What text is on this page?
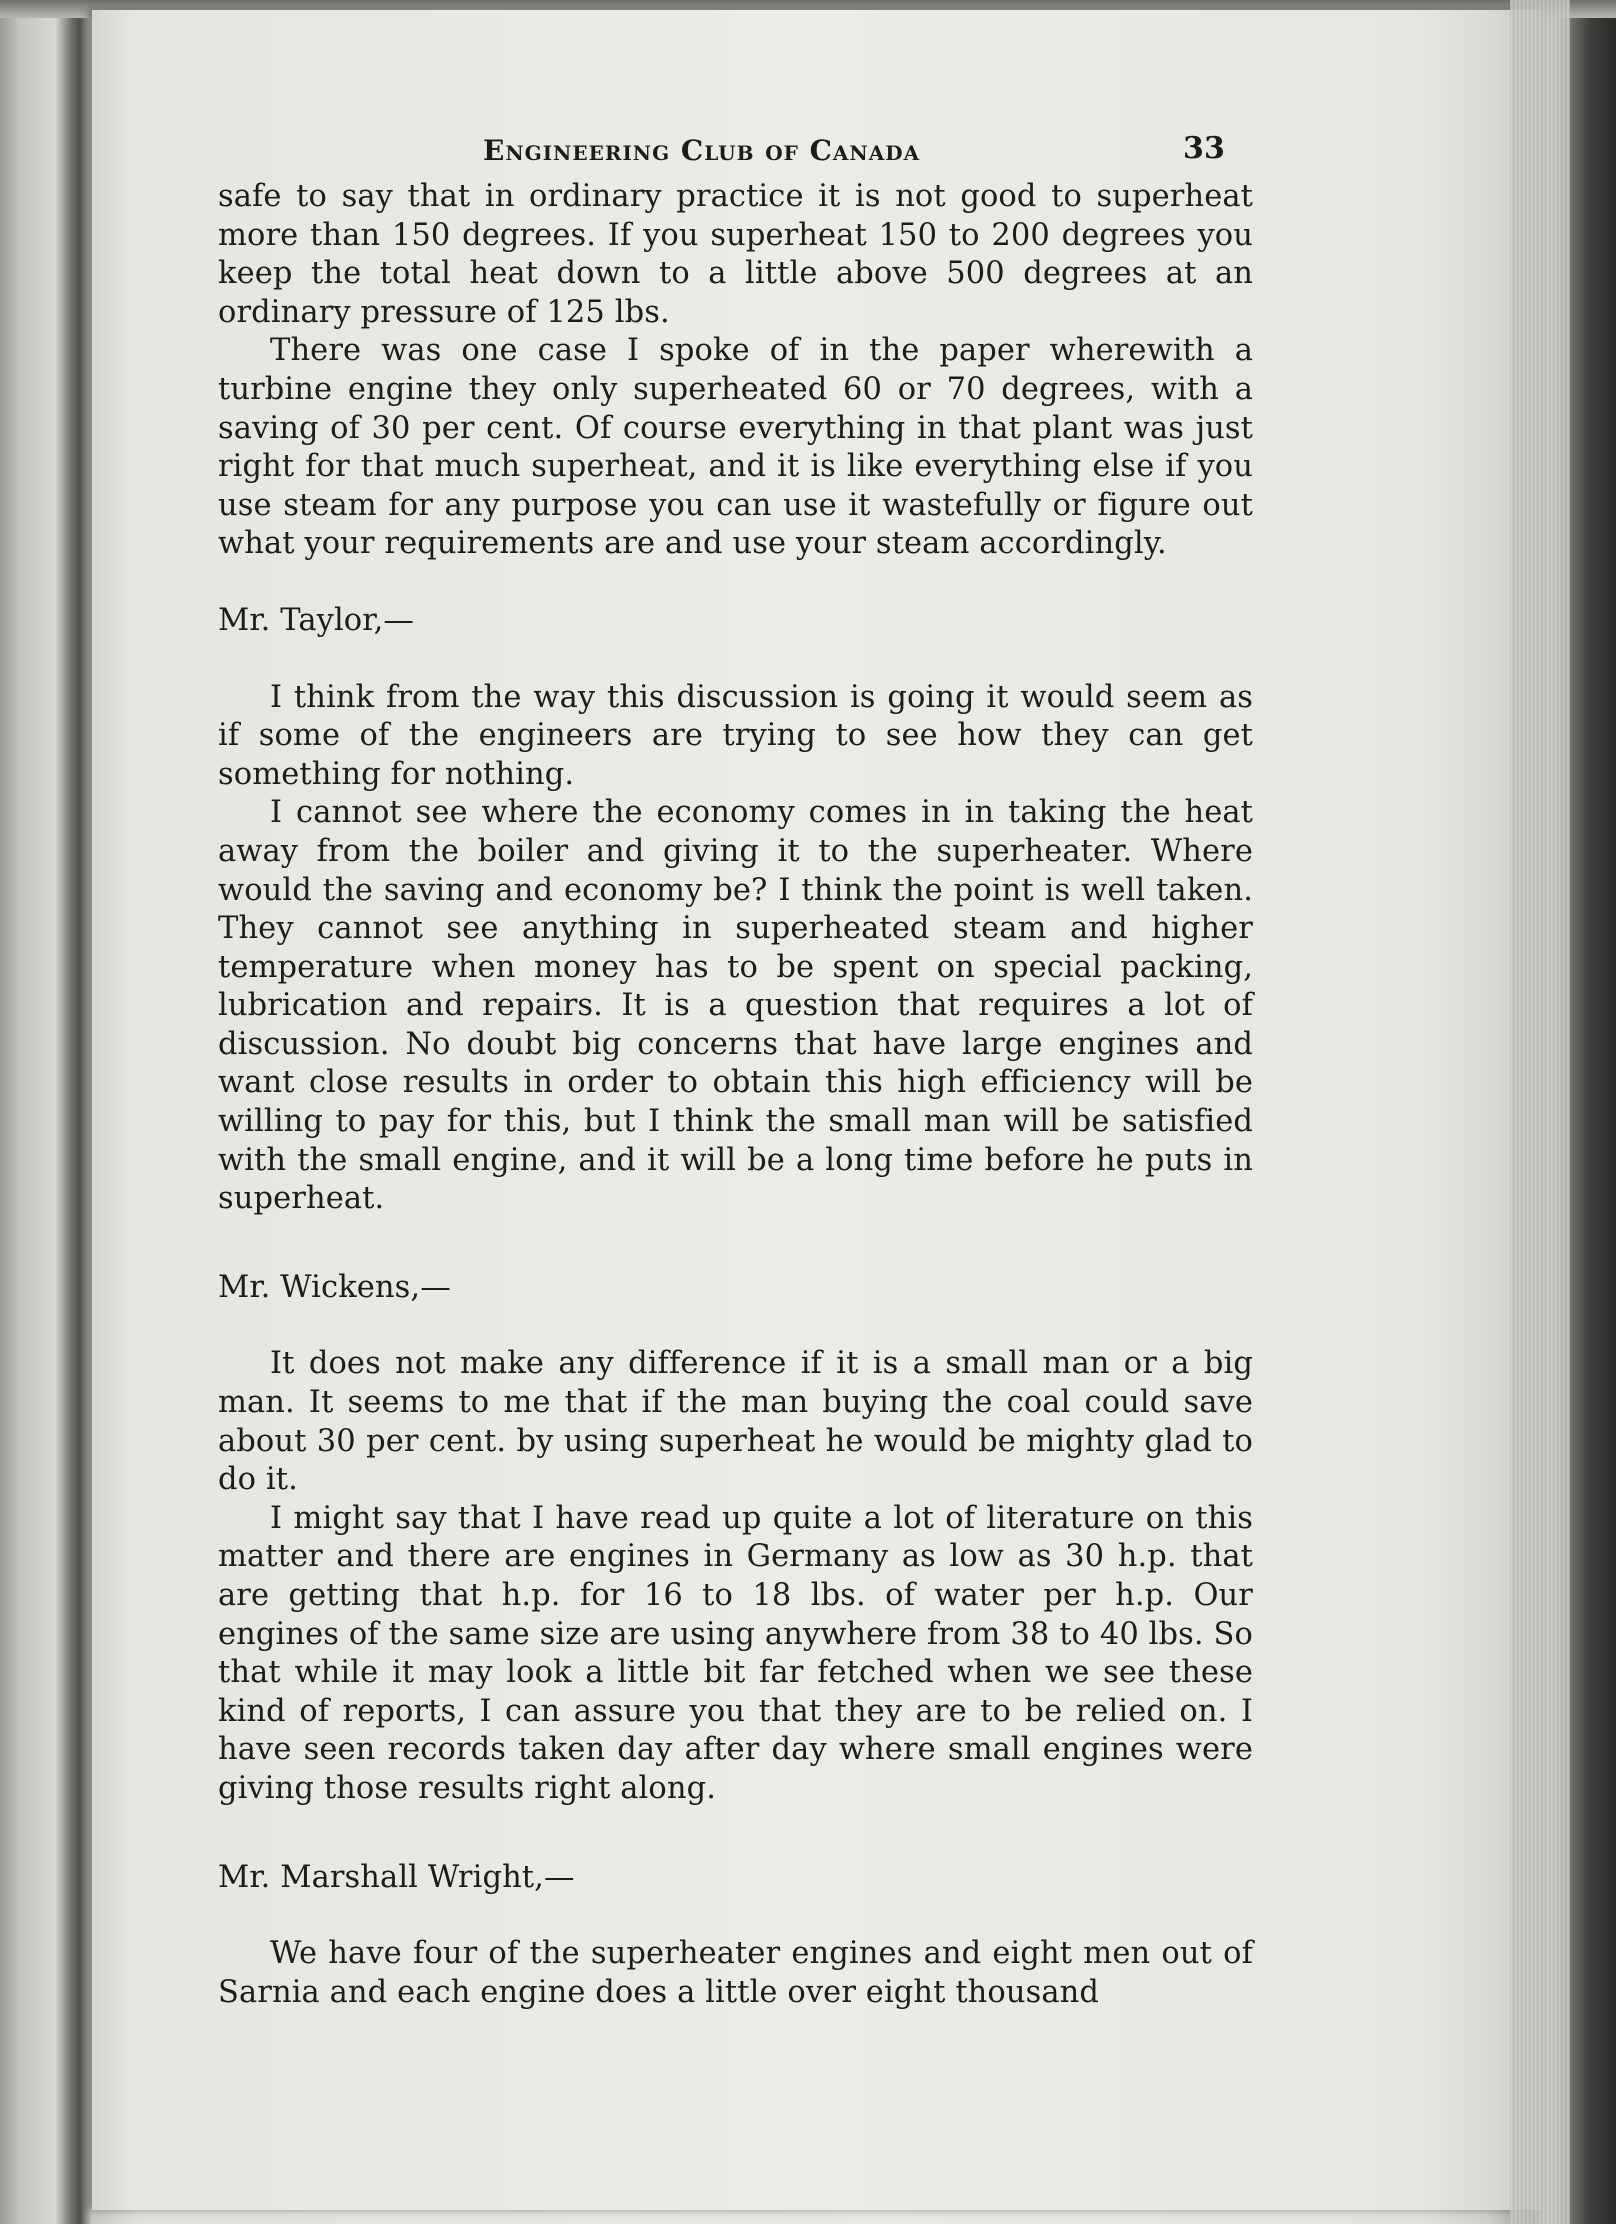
Engineering Club of Canada	33

safe to say that in ordinary practice it is not good to superheat more than 150 degrees. If you superheat 150 to 200 degrees you keep the total heat down to a little above 500 degrees at an ordinary pressure of 125 lbs.

There was one case I spoke of in the paper wherewith a turbine engine they only superheated 60 or 70 degrees, with a saving of 30 per cent. Of course everything in that plant was just right for that much superheat, and it is like everything else if you use steam for any purpose you can use it wastefully or figure out what your requirements are and use your steam accordingly.

Mr. Taylor,—

I think from the way this discussion is going it would seem as if some of the engineers are trying to see how they can get something for nothing.

I cannot see where the economy comes in in taking the heat away from the boiler and giving it to the superheater. Where would the saving and economy be? I think the point is well taken. They cannot see anything in superheated steam and higher temperature when money has to be spent on special packing, lubrication and repairs. It is a question that requires a lot of discussion. No doubt big concerns that have large engines and want close results in order to obtain this high efficiency will be willing to pay for this, but I think the small man will be satisfied with the small engine, and it will be a long time before he puts in superheat.

Mr. Wickens,—

It does not make any difference if it is a small man or a big man. It seems to me that if the man buying the coal could save about 30 per cent. by using superheat he would be mighty glad to do it.

I might say that I have read up quite a lot of literature on this matter and there are engines in Germany as low as 30 h.p. that are getting that h.p. for 16 to 18 lbs. of water per h.p. Our engines of the same size are using anywhere from 38 to 40 lbs. So that while it may look a little bit far fetched when we see these kind of reports, I can assure you that they are to be relied on. I have seen records taken day after day where small engines were giving those results right along.

Mr. Marshall Wright,—

We have four of the superheater engines and eight men out of Sarnia and each engine does a little over eight thousand
